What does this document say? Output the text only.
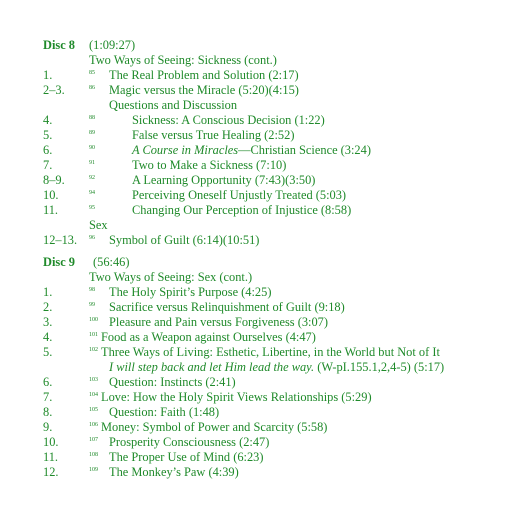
Disc 8 (1:09:27)
Two Ways of Seeing: Sickness (cont.)
1.	$^{85}$ The Real Problem and Solution (2:17)
2–3.	$^{86}$ Magic versus the Miracle (5:20)(4:15)
Questions and Discussion
4.	$^{88}$	Sickness: A Conscious Decision (1:22)
5.	$^{89}$	False versus True Healing (2:52)
6.	$^{90}$	A Course in Miracles—Christian Science (3:24)
7.	$^{91}$	Two to Make a Sickness (7:10)
8–9.	$^{92}$	A Learning Opportunity (7:43)(3:50)
10.	$^{94}$	Perceiving Oneself Unjustly Treated (5:03)
11.	$^{95}$	Changing Our Perception of Injustice (8:58)
Sex
12–13. $^{96}$ Symbol of Guilt (6:14)(10:51)
Disc 9 (56:46)
Two Ways of Seeing: Sex (cont.)
1.	$^{98}$ The Holy Spirit’s Purpose (4:25)
2.	$^{99}$ Sacrifice versus Relinquishment of Guilt (9:18)
3.	$^{100}$ Pleasure and Pain versus Forgiveness (3:07)
4.	$^{101}$ Food as a Weapon against Ourselves (4:47)
5.	$^{102}$ Three Ways of Living: Esthetic, Libertine, in the World but Not of It
I will step back and let Him lead the way. (W-pI.155.1,2,4-5) (5:17)
6.	$^{103}$ Question: Instincts (2:41)
7.	$^{104}$ Love: How the Holy Spirit Views Relationships (5:29)
8.	$^{105}$ Question: Faith (1:48)
9.	$^{106}$ Money: Symbol of Power and Scarcity (5:58)
10.	$^{107}$ Prosperity Consciousness (2:47)
11.	$^{108}$ The Proper Use of Mind (6:23)
12.	$^{109}$ The Monkey’s Paw (4:39)
